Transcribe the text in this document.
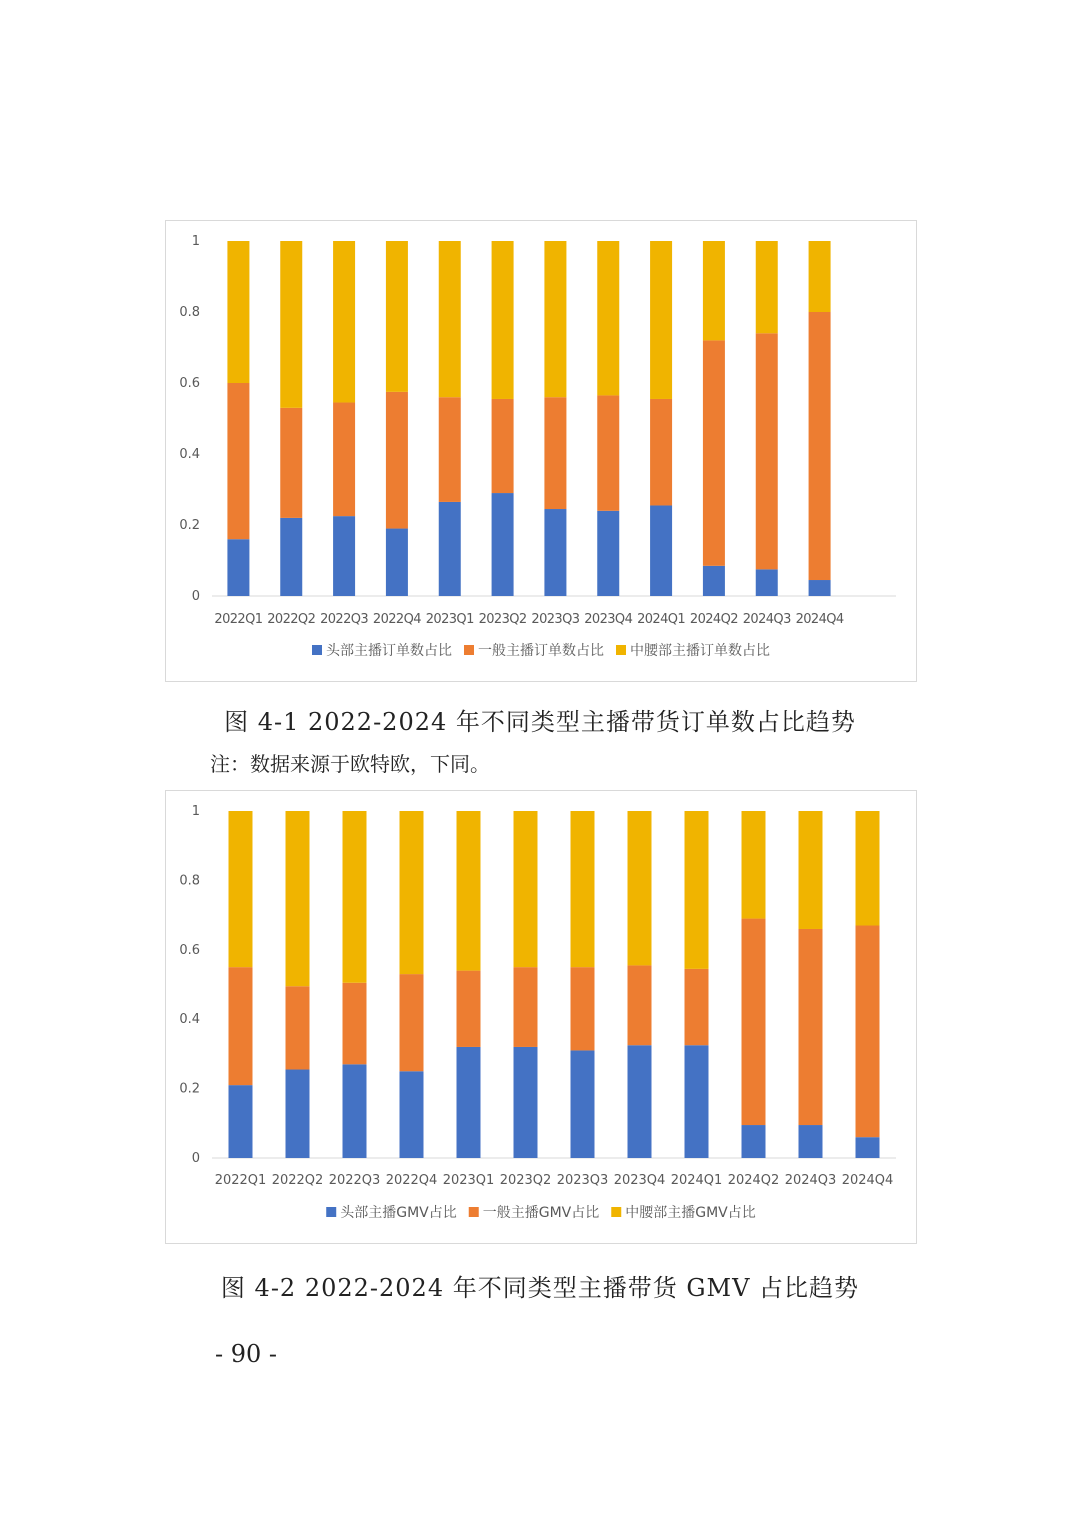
0
0.2
0.4
0.6
0.8
1
2022Q1 2022Q2 2022Q3 2022Q4 2023Q1 2023Q2 2023Q3 2023Q4 2024Q1 2024Q2 2024Q3 2024Q4
头部主播订单数占比 一般主播订单数占比 中腰部主播订单数占比
图 4-1 2022-2024 年不同类型主播带货订单数占比趋势
注：数据来源于欧特欧，下同。
0
0.2
0.4
0.6
0.8
1
2022Q1 2022Q2 2022Q3 2022Q4 2023Q1 2023Q2 2023Q3 2023Q4 2024Q1 2024Q2 2024Q3 2024Q4
头部主播GMV占比 一般主播GMV占比 中腰部主播GMV占比
图 4-2 2022-2024 年不同类型主播带货 GMV 占比趋势
- 90 -
